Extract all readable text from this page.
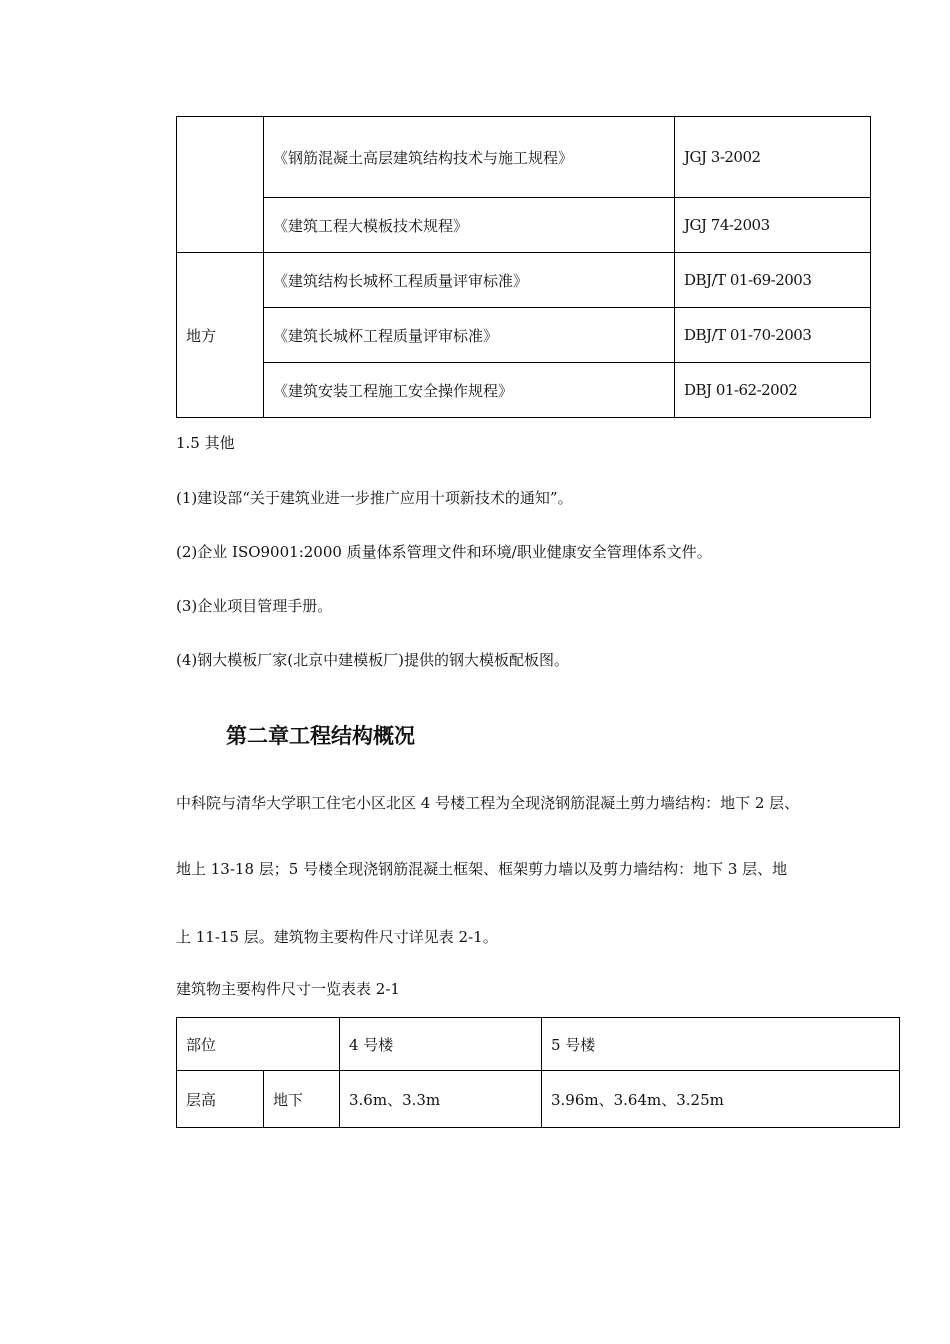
	《钢筋混凝土高层建筑结构技术与施工规程》	JGJ 3-2002
	《建筑工程大模板技术规程》	JGJ 74-2003
地方	《建筑结构长城杯工程质量评审标准》	DBJ/T 01-69-2003
	《建筑长城杯工程质量评审标准》	DBJ/T 01-70-2003
	《建筑安装工程施工安全操作规程》	DBJ 01-62-2002
1.5 其他
(1)建设部“关于建筑业进一步推广应用十项新技术的通知”。
(2)企业 ISO9001:2000 质量体系管理文件和环境/职业健康安全管理体系文件。
(3)企业项目管理手册。
(4)钢大模板厂家(北京中建模板厂)提供的钢大模板配板图。
第二章工程结构概况
中科院与清华大学职工住宅小区北区 4 号楼工程为全现浇钢筋混凝土剪力墙结构：地下 2 层、
地上 13-18 层；5 号楼全现浇钢筋混凝土框架、框架剪力墙以及剪力墙结构：地下 3 层、地
上 11-15 层。建筑物主要构件尺寸详见表 2-1。
建筑物主要构件尺寸一览表表 2-1
部位		4 号楼	5 号楼
层高	地下	3.6m、3.3m	3.96m、3.64m、3.25m
